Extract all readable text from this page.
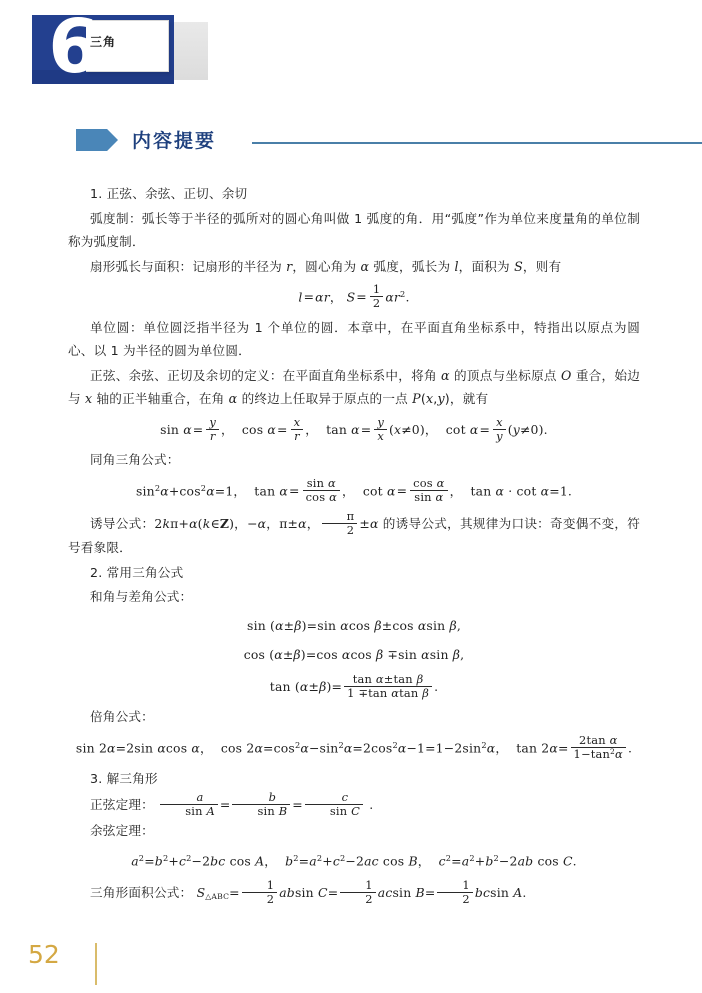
6
三角
内容提要

1. 正弦、余弦、正切、余切

弧度制：弧长等于半径的弧所对的圆心角叫做 1 弧度的角．用“弧度”作为单位来度量角的单位制称为弧度制．

扇形弧长与面积：记扇形的半径为 r，圆心角为 α 弧度，弧长为 l，面积为 S，则有

l=αr， $S= \frac{1}{2} \alpha r^2$.

单位圆：单位圆泛指半径为 1 个单位的圆．本章中，在平面直角坐标系中，特指出以原点为圆心、以 1 为半径的圆为单位圆．

正弦、余弦、正切及余切的定义：在平面直角坐标系中，将角 α 的顶点与坐标原点 O 重合，始边与 x 轴的正半轴重合，在角 α 的终边上任取异于原点的一点 P(x,y)，就有

$\sin \alpha= \frac{y}{r}$ ，  $\cos \alpha= \frac{x}{r}$ ，  $\tan \alpha= \frac{y}{x} (x\ne 0)$，  $\cot \alpha= \frac{x}{y} (y\ne 0)$.

同角三角公式：

$\sin^2\alpha+\cos^2\alpha=1$，  $\tan \alpha= \frac{\text{sin α}}{\text{cos α}}$ ，  $\cot \alpha= \frac{\text{cos α}}{\text{sin α}}$ ，  tan α · cot α=1.

诱导公式：2kπ+α(k∈Z)，−α，π±α， $\frac{\pi}{2} \pm\alpha$ 的诱导公式，其规律为口诀：奇变偶不变，符号看象限．

2. 常用三角公式

和角与差角公式：

sin (α±β)=sin αcos β±cos αsin β,

cos (α±β)=cos αcos β ∓sin αsin β,

$\tan (\alpha\pm\beta)= \frac{\text{tan α±tan β}}{\text{1 ∓tan αtan β}}$ .

倍角公式：

sin 2α=2sin αcos α，  $\cos 2\alpha=\cos^2\alpha-\sin^2\alpha=2\cos^2\alpha-1=1-2\sin^2\alpha$，  $\tan 2\alpha= \frac{\text{2tan α}}{1-\tan^2\alpha}$ .

3. 解三角形

正弦定理： $\frac{a}{\text{sin A}} = \frac{b}{\text{sin B}} = \frac{c}{\text{sin C}}$ .

余弦定理：

$a^2=b^2+c^2-2bc$ cos A，  $b^2=a^2+c^2-2ac$ cos B，  $c^2=a^2+b^2-2ab$ cos C.

三角形面积公式： $S_{\triangle ABC}= \frac{1}{2}$ absin $C= \frac{1}{2}$ acsin $B= \frac{1}{2}$ bcsin A.

52
